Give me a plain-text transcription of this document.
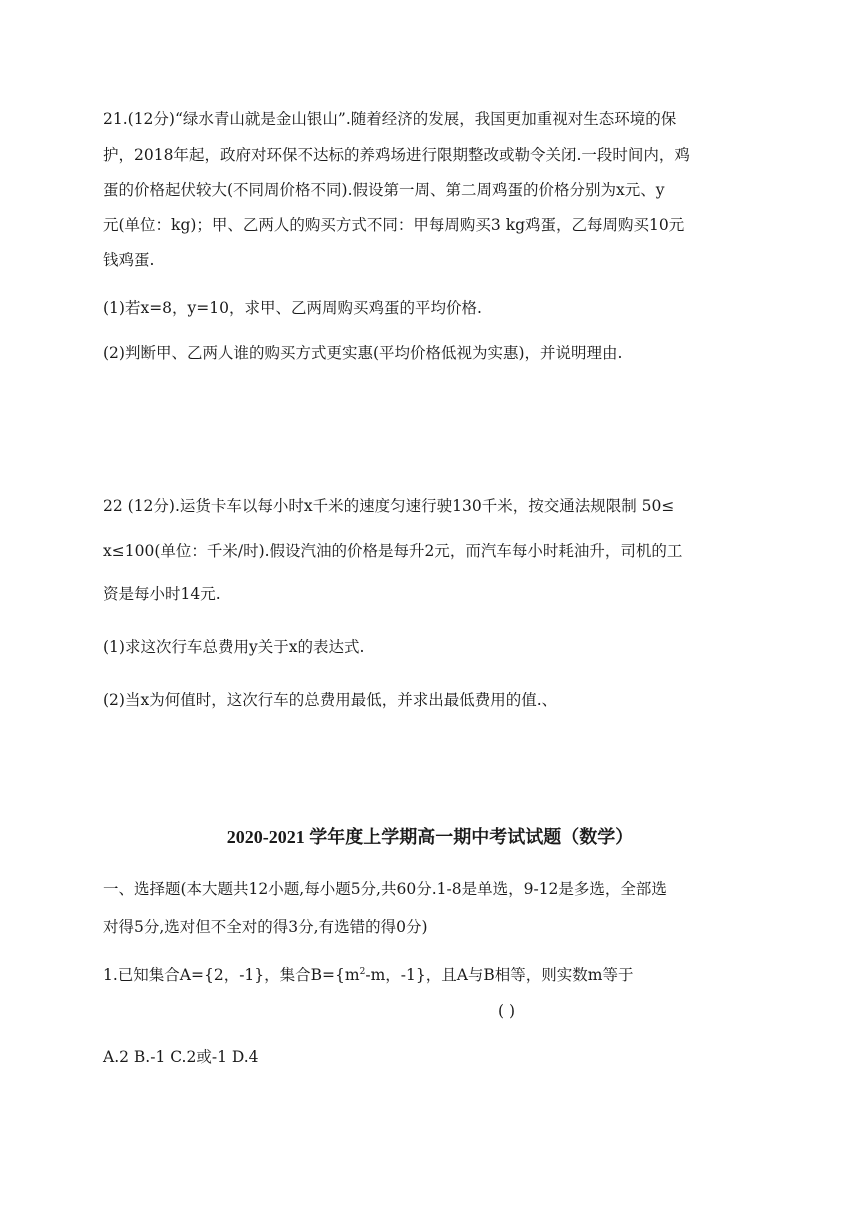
21.(12分)“绿水青山就是金山银山”.随着经济的发展，我国更加重视对生态环境的保
护，2018年起，政府对环保不达标的养鸡场进行限期整改或勒令关闭.一段时间内，鸡
蛋的价格起伏较大(不同周价格不同).假设第一周、第二周鸡蛋的价格分别为x元、y
元(单位：kg)；甲、乙两人的购买方式不同：甲每周购买3 kg鸡蛋，乙每周购买10元
钱鸡蛋.
(1)若x=8，y=10，求甲、乙两周购买鸡蛋的平均价格.
(2)判断甲、乙两人谁的购买方式更实惠(平均价格低视为实惠)，并说明理由.
22 (12分).运货卡车以每小时x千米的速度匀速行驶130千米，按交通法规限制 50≤
x≤100(单位：千米/时).假设汽油的价格是每升2元，而汽车每小时耗油升，司机的工
资是每小时14元.
(1)求这次行车总费用y关于x的表达式.
(2)当x为何值时，这次行车的总费用最低，并求出最低费用的值.、
2020-2021 学年度上学期高一期中考试试题（数学）
一、选择题(本大题共12小题,每小题5分,共60分.1-8是单选，9-12是多选，全部选
对得5分,选对但不全对的得3分,有选错的得0分)
1.已知集合A={2，-1}，集合$B=\{m^2-m$，-1}，且A与B相等，则实数m等于
( )
A.2 B.-1 C.2或-1 D.4
